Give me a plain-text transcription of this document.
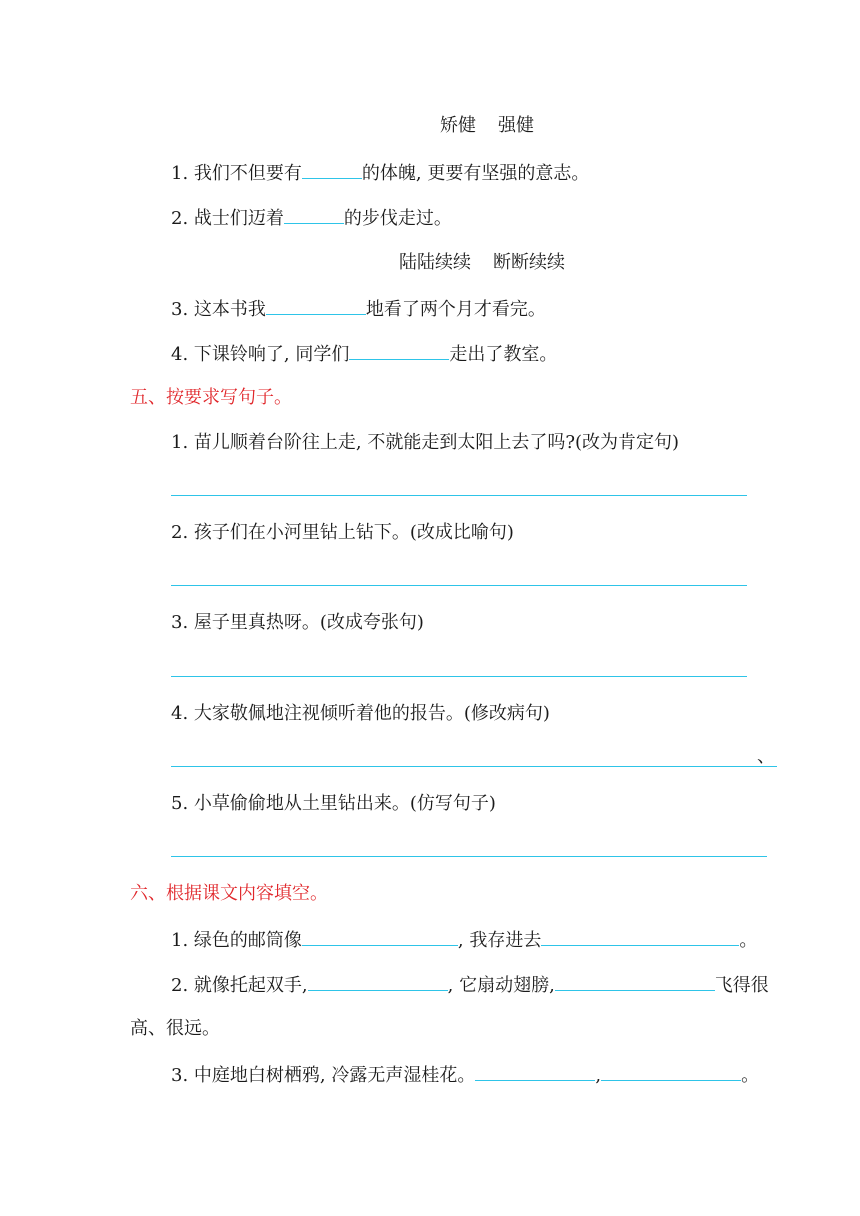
矫健 强健
1. 我们不但要有	的体魄, 更要有坚强的意志。
2. 战士们迈着	的步伐走过。
陆陆续续 断断续续
3. 这本书我	地看了两个月才看完。
4. 下课铃响了, 同学们	走出了教室。
五、按要求写句子。
1. 苗儿顺着台阶往上走, 不就能走到太阳上去了吗?(改为肯定句)
2. 孩子们在小河里钻上钻下。(改成比喻句)
3. 屋子里真热呀。(改成夸张句)
4. 大家敬佩地注视倾听着他的报告。(修改病句)
、
5. 小草偷偷地从土里钻出来。(仿写句子)
六、根据课文内容填空。
1. 绿色的邮筒像	, 我存进去	。
2. 就像托起双手,	, 它扇动翅膀,	飞得很
高、很远。
3. 中庭地白树栖鸦, 冷露无声湿桂花。	,	。
